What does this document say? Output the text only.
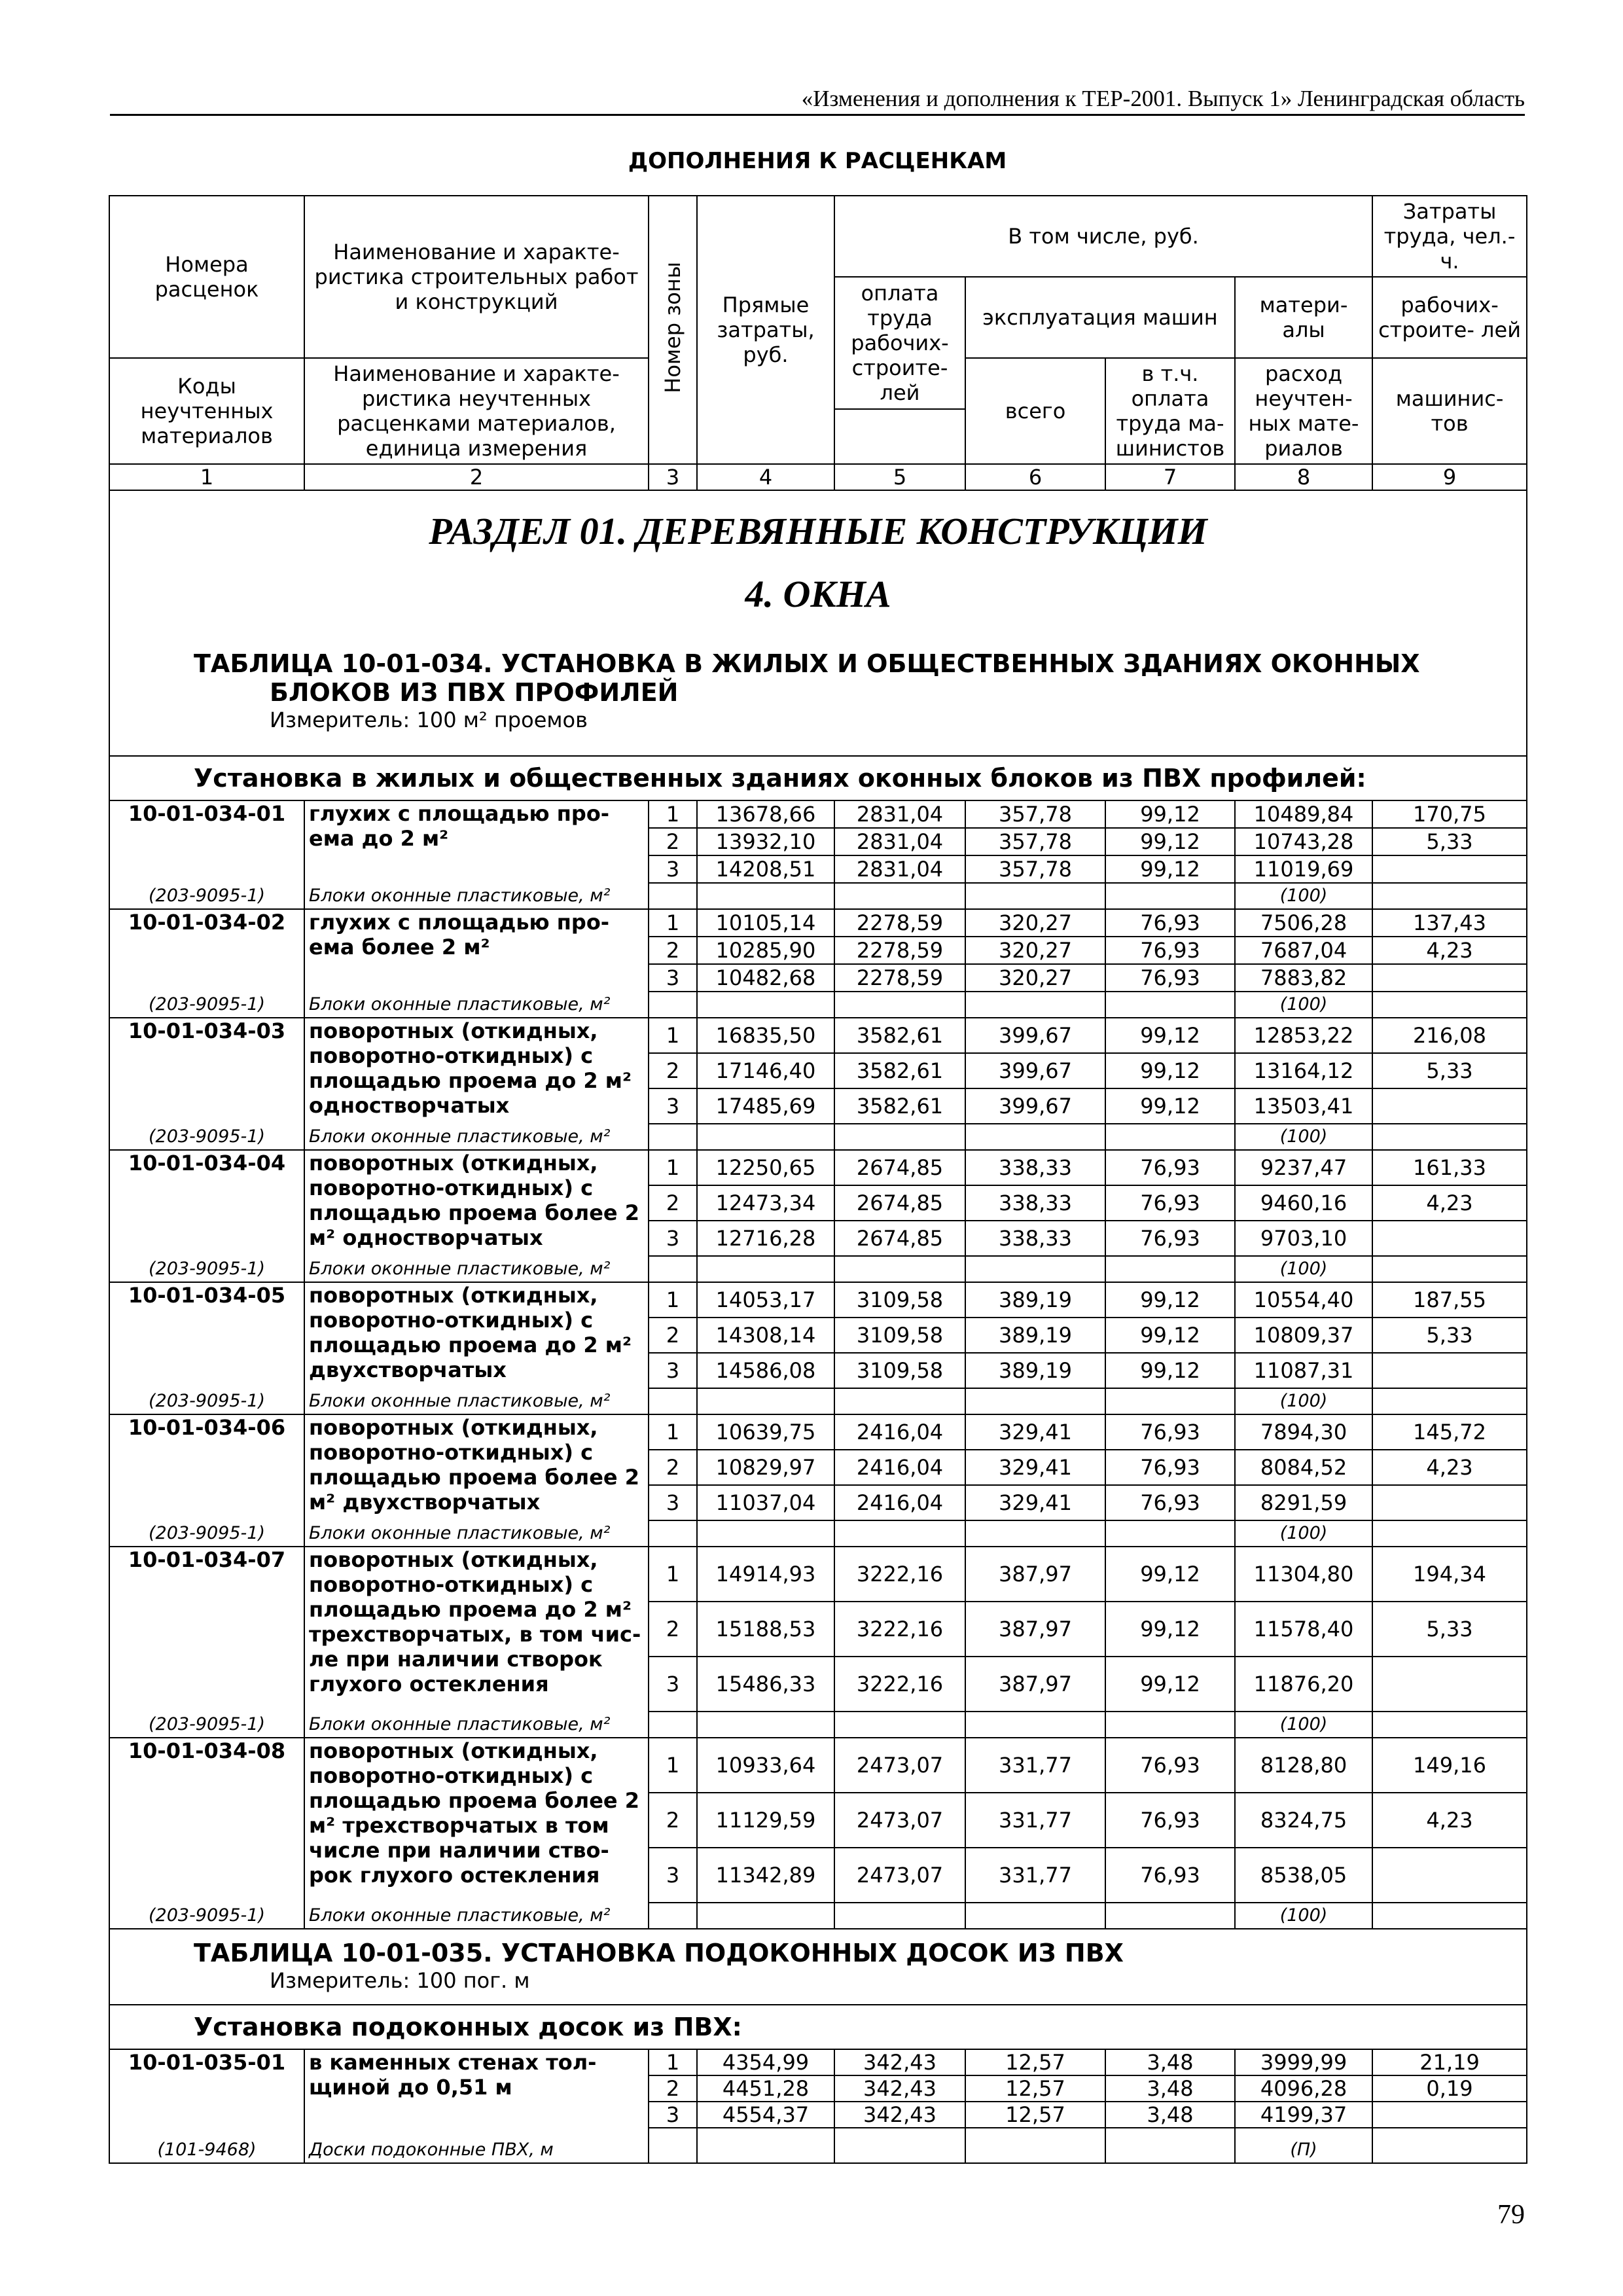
«Изменения и дополнения к ТЕР-2001. Выпуск 1» Ленинградская область
ДОПОЛНЕНИЯ К РАСЦЕНКАМ
Номера расценок	Наименование и характе- ристика строительных работ и конструкций	Номер зоны	Прямые затраты, руб.	В том числе, руб.				Затраты труда, чел.-ч.
				оплата труда рабочих- строите- лей	эксплуатация машин		матери- алы	рабочих- строите- лей
Коды неучтенных материалов	Наименование и характе- ристика неучтенных расценками материалов, единица измерения				всего	в т.ч. оплата труда ма- шинистов	расход неучтен- ных мате- риалов	машинис- тов

1	2	3	4	5	6	7	8	9

РАЗДЕЛ 01. ДЕРЕВЯННЫЕ КОНСТРУКЦИИ
4. ОКНА
ТАБЛИЦА 10-01-034. УСТАНОВКА В ЖИЛЫХ И ОБЩЕСТВЕННЫХ ЗДАНИЯХ ОКОННЫХ
БЛОКОВ ИЗ ПВХ ПРОФИЛЕЙ
Измеритель: 100 м² проемов								

Установка в жилых и общественных зданиях оконных блоков из ПВХ профилей:								
10-01-034-01	глухих с площадью про- ема до 2 м²	1	13678,66	2831,04	357,78	99,12	10489,84	170,75
		2	13932,10	2831,04	357,78	99,12	10743,28	5,33
		3	14208,51	2831,04	357,78	99,12	11019,69	
(203-9095-1)	Блоки оконные пластиковые, м²						(100)	
10-01-034-02	глухих с площадью про- ема более 2 м²	1	10105,14	2278,59	320,27	76,93	7506,28	137,43
		2	10285,90	2278,59	320,27	76,93	7687,04	4,23
		3	10482,68	2278,59	320,27	76,93	7883,82	
(203-9095-1)	Блоки оконные пластиковые, м²						(100)	
10-01-034-03	поворотных (откидных, поворотно-откидных) с площадью проема до 2 м² одностворчатых	1	16835,50	3582,61	399,67	99,12	12853,22	216,08
		2	17146,40	3582,61	399,67	99,12	13164,12	5,33
		3	17485,69	3582,61	399,67	99,12	13503,41	
(203-9095-1)	Блоки оконные пластиковые, м²						(100)	
10-01-034-04	поворотных (откидных, поворотно-откидных) с площадью проема более 2 м² одностворчатых	1	12250,65	2674,85	338,33	76,93	9237,47	161,33
		2	12473,34	2674,85	338,33	76,93	9460,16	4,23
		3	12716,28	2674,85	338,33	76,93	9703,10	
(203-9095-1)	Блоки оконные пластиковые, м²						(100)	
10-01-034-05	поворотных (откидных, поворотно-откидных) с площадью проема до 2 м² двухстворчатых	1	14053,17	3109,58	389,19	99,12	10554,40	187,55
		2	14308,14	3109,58	389,19	99,12	10809,37	5,33
		3	14586,08	3109,58	389,19	99,12	11087,31	
(203-9095-1)	Блоки оконные пластиковые, м²						(100)	
10-01-034-06	поворотных (откидных, поворотно-откидных) с площадью проема более 2 м² двухстворчатых	1	10639,75	2416,04	329,41	76,93	7894,30	145,72
		2	10829,97	2416,04	329,41	76,93	8084,52	4,23
		3	11037,04	2416,04	329,41	76,93	8291,59	
(203-9095-1)	Блоки оконные пластиковые, м²						(100)	
10-01-034-07	поворотных (откидных, поворотно-откидных) с площадью проема до 2 м² трехстворчатых, в том чис- ле при наличии створок глухого остекления	1	14914,93	3222,16	387,97	99,12	11304,80	194,34
		2	15188,53	3222,16	387,97	99,12	11578,40	5,33
		3	15486,33	3222,16	387,97	99,12	11876,20	
(203-9095-1)	Блоки оконные пластиковые, м²						(100)	
10-01-034-08	поворотных (откидных, поворотно-откидных) с площадью проема более 2 м² трехстворчатых в том числе при наличии ство- рок глухого остекления	1	10933,64	2473,07	331,77	76,93	8128,80	149,16
		2	11129,59	2473,07	331,77	76,93	8324,75	4,23
		3	11342,89	2473,07	331,77	76,93	8538,05	
(203-9095-1)	Блоки оконные пластиковые, м²						(100)	

ТАБЛИЦА 10-01-035. УСТАНОВКА ПОДОКОННЫХ ДОСОК ИЗ ПВХ
Измеритель: 100 пог. м								

Установка подоконных досок из ПВХ:								
10-01-035-01	в каменных стенах тол- щиной до 0,51 м	1	4354,99	342,43	12,57	3,48	3999,99	21,19
		2	4451,28	342,43	12,57	3,48	4096,28	0,19
		3	4554,37	342,43	12,57	3,48	4199,37	
(101-9468)	Доски подоконные ПВХ, м						(П)	
79
